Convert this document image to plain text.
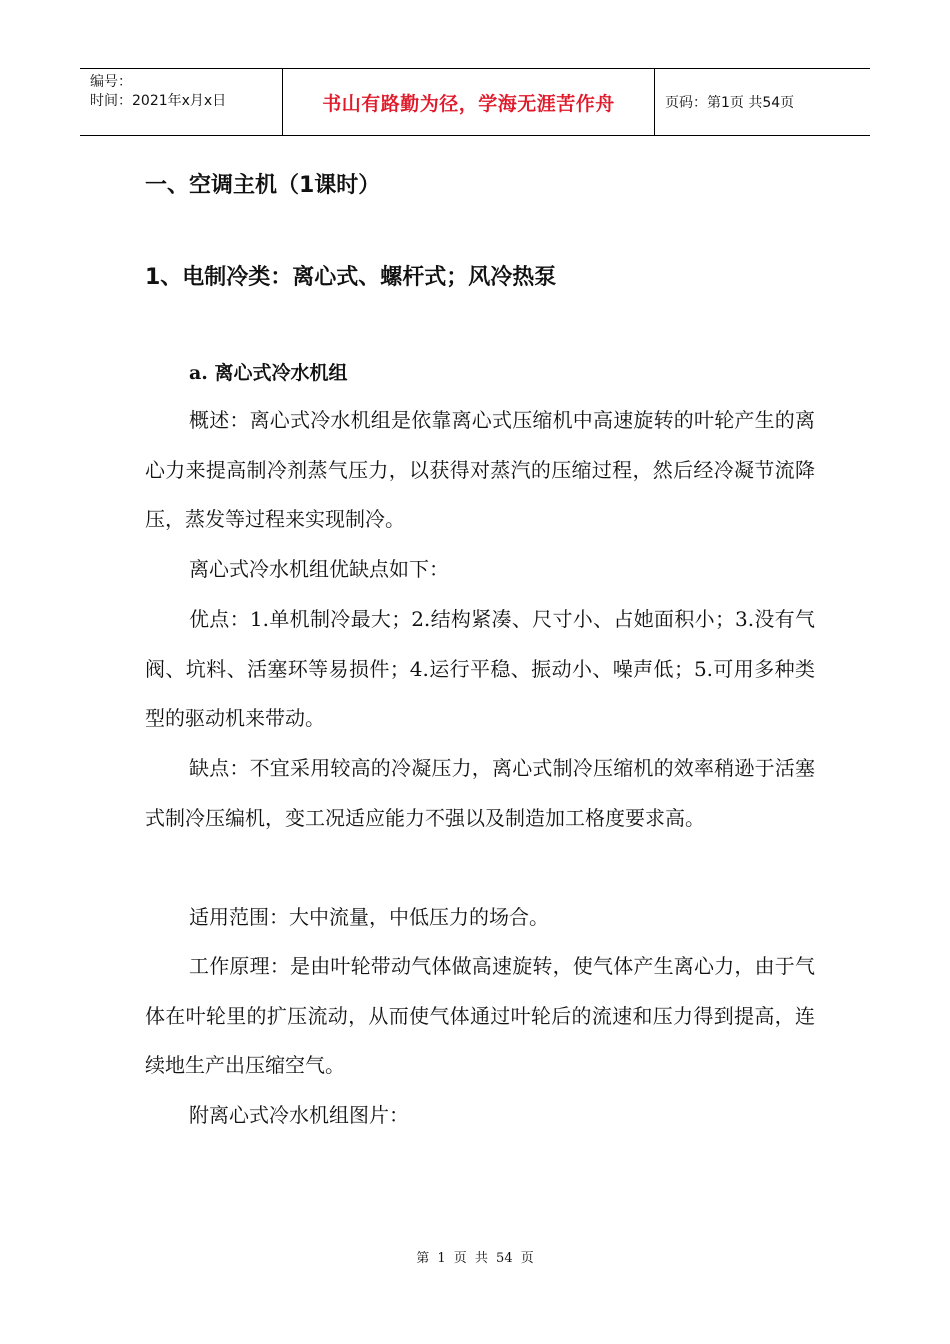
编号：
时间：2021年x月x日	书山有路勤为径，学海无涯苦作舟	页码：第1页 共54页
一、空调主机（1课时）
1、电制冷类：离心式、螺杆式；风冷热泵
a. 离心式冷水机组

概述：离心式冷水机组是依靠离心式压缩机中高速旋转的叶轮产生的离心力来提高制冷剂蒸气压力，以获得对蒸汽的压缩过程，然后经冷凝节流降压，蒸发等过程来实现制冷。

离心式冷水机组优缺点如下：

优点：1.单机制冷最大；2.结构紧凑、尺寸小、占她面积小；3.没有气阀、坑料、活塞环等易损件；4.运行平稳、振动小、噪声低；5.可用多种类型的驱动机来带动。

缺点：不宜采用较高的冷凝压力，离心式制冷压缩机的效率稍逊于活塞式制冷压编机，变工况适应能力不强以及制造加工格度要求高。

适用范围：大中流量，中低压力的场合。

工作原理：是由叶轮带动气体做高速旋转，使气体产生离心力，由于气体在叶轮里的扩压流动，从而使气体通过叶轮后的流速和压力得到提高，连续地生产出压缩空气。

附离心式冷水机组图片：

第 1 页 共 54 页
